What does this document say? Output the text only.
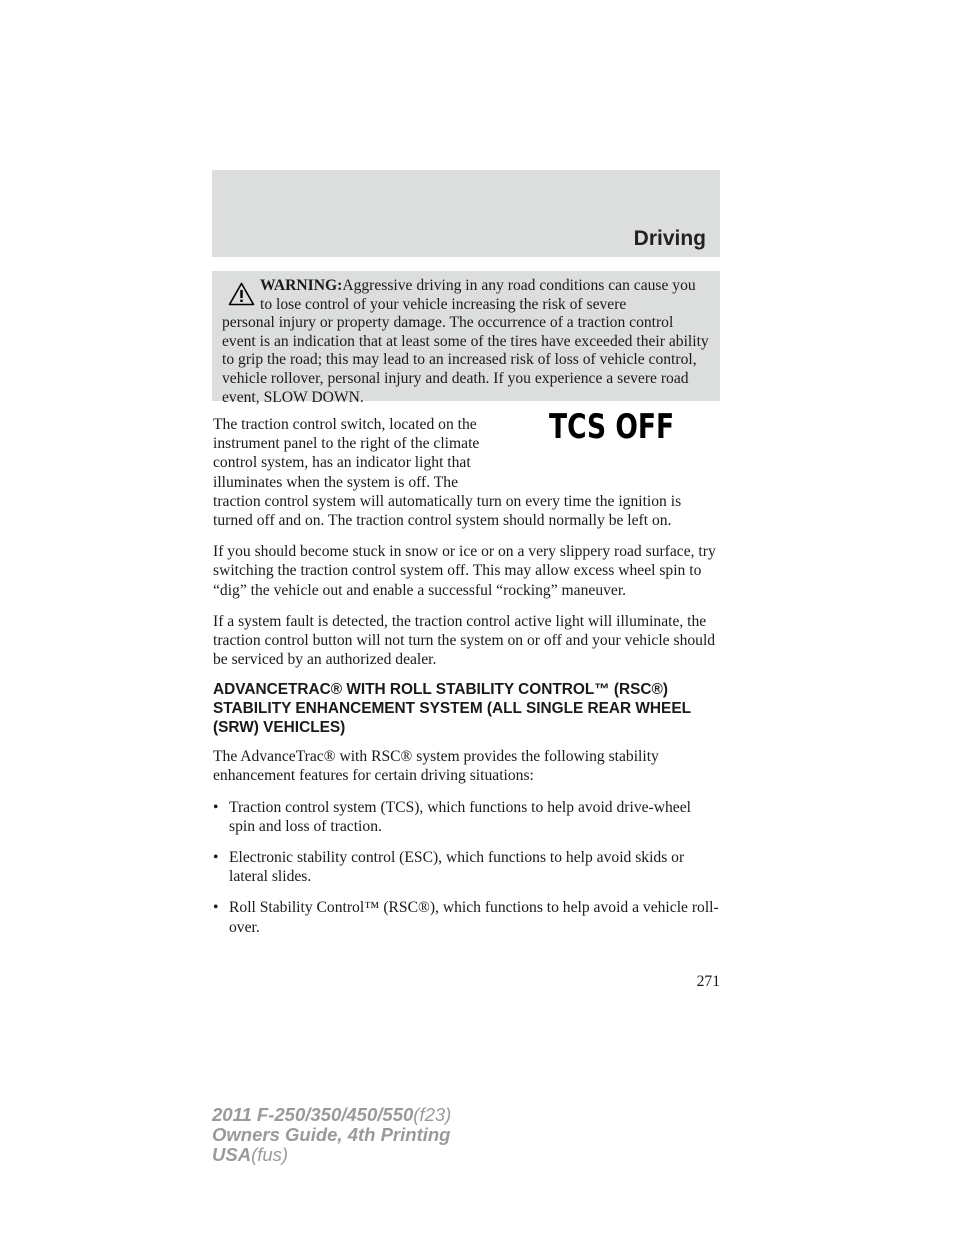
Driving
WARNING:Aggressive driving in any road conditions can cause you to lose control of your vehicle increasing the risk of severe
personal injury or property damage. The occurrence of a traction control event is an indication that at least some of the tires have exceeded their ability to grip the road; this may lead to an increased risk of loss of vehicle control, vehicle rollover, personal injury and death. If you experience a severe road event, SLOW DOWN.
TCS OFF

The traction control switch, located on the instrument panel to the right of the climate control system, has an indicator light that illuminates when the system is off. The traction control system will automatically turn on every time the ignition is turned off and on. The traction control system should normally be left on.

If you should become stuck in snow or ice or on a very slippery road surface, try switching the traction control system off. This may allow excess wheel spin to “dig” the vehicle out and enable a successful “rocking” maneuver.

If a system fault is detected, the traction control active light will illuminate, the traction control button will not turn the system on or off and your vehicle should be serviced by an authorized dealer.

ADVANCETRAC® WITH ROLL STABILITY CONTROL™ (RSC®) STABILITY ENHANCEMENT SYSTEM (ALL SINGLE REAR WHEEL (SRW) VEHICLES)

The AdvanceTrac® with RSC® system provides the following stability enhancement features for certain driving situations:

• Traction control system (TCS), which functions to help avoid drive-wheel spin and loss of traction.
• Electronic stability control (ESC), which functions to help avoid skids or lateral slides.
• Roll Stability Control™ (RSC®), which functions to help avoid a vehicle roll-over.
271
2011 F-250/350/450/550(f23)
Owners Guide, 4th Printing
USA(fus)
